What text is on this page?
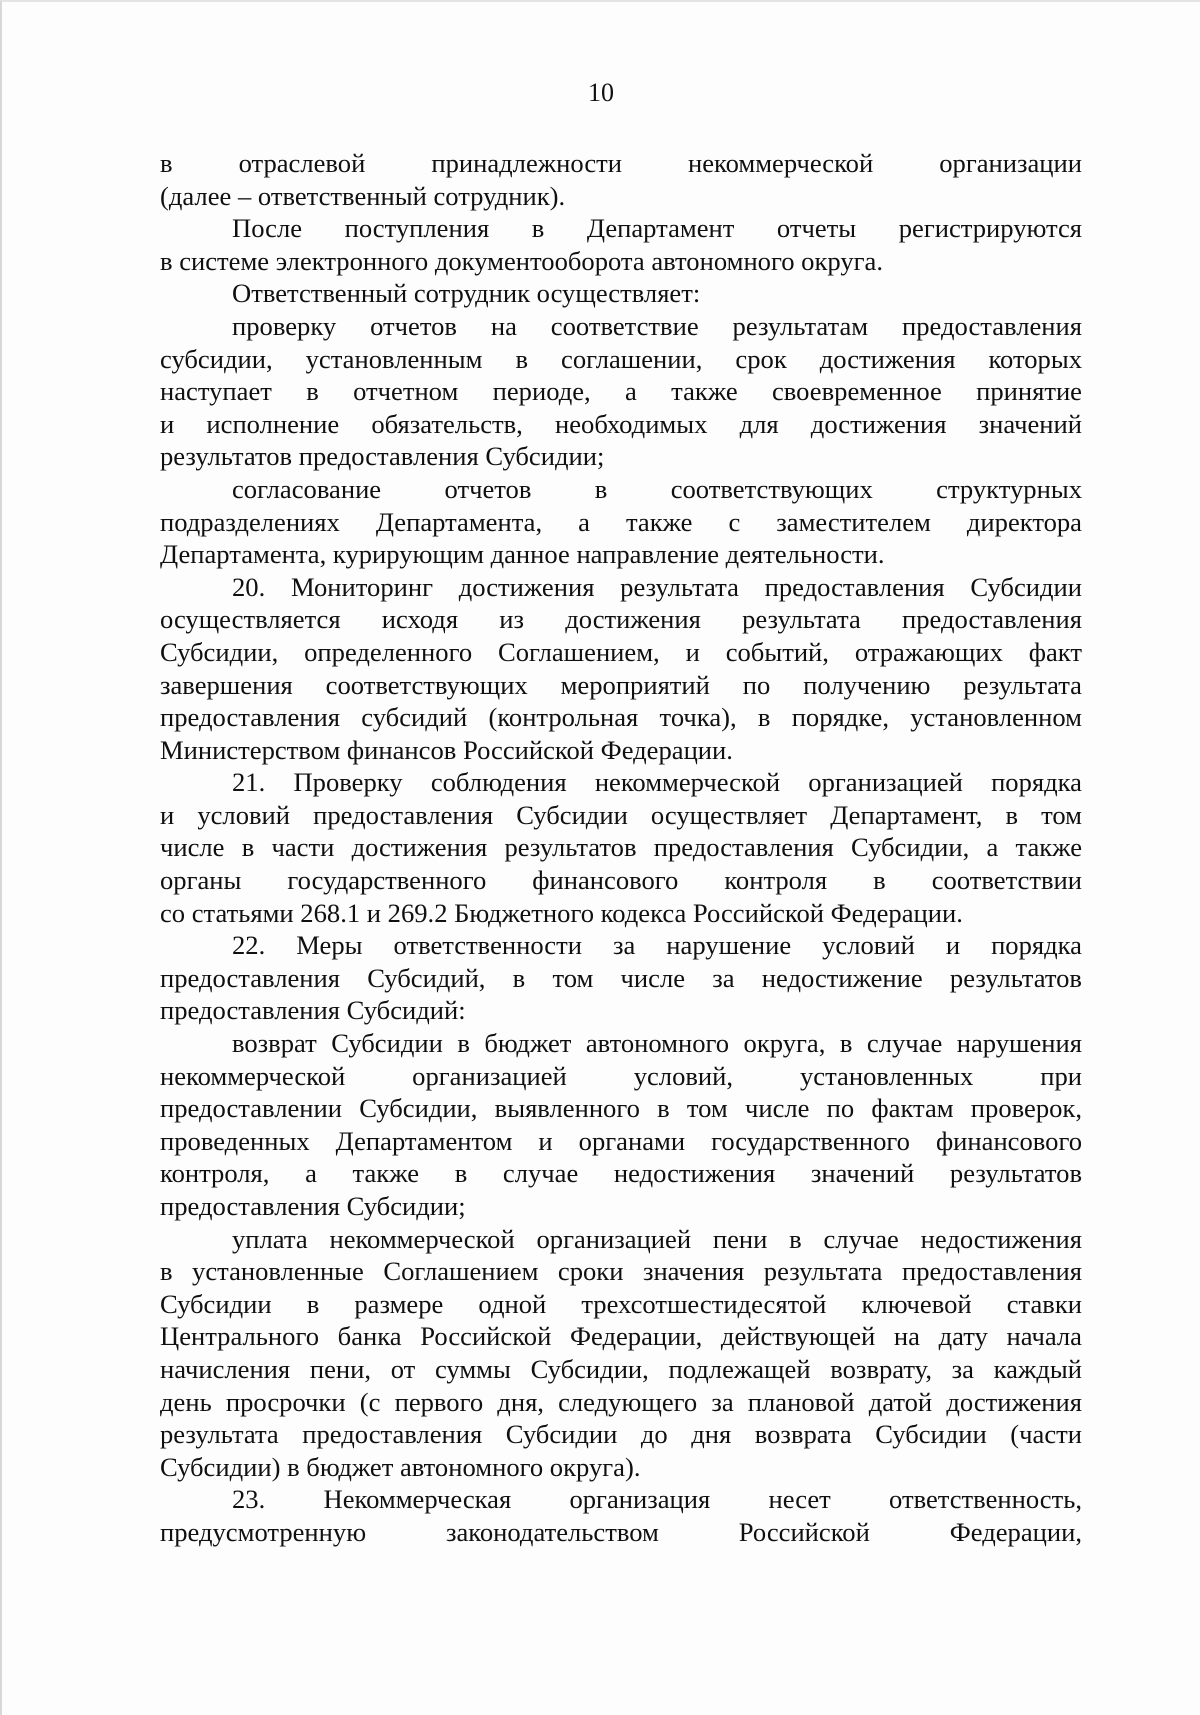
10
в отраслевой принадлежности некоммерческой организации
(далее – ответственный сотрудник).
После поступления в Департамент отчеты регистрируются
в системе электронного документооборота автономного округа.
Ответственный сотрудник осуществляет:
проверку отчетов на соответствие результатам предоставления
субсидии, установленным в соглашении, срок достижения которых
наступает в отчетном периоде, а также своевременное принятие
и исполнение обязательств, необходимых для достижения значений
результатов предоставления Субсидии;
согласование отчетов в соответствующих структурных
подразделениях Департамента, а также с заместителем директора
Департамента, курирующим данное направление деятельности.
20. Мониторинг достижения результата предоставления Субсидии
осуществляется исходя из достижения результата предоставления
Субсидии, определенного Соглашением, и событий, отражающих факт
завершения соответствующих мероприятий по получению результата
предоставления субсидий (контрольная точка), в порядке, установленном
Министерством финансов Российской Федерации.
21. Проверку соблюдения некоммерческой организацией порядка
и условий предоставления Субсидии осуществляет Департамент, в том
числе в части достижения результатов предоставления Субсидии, а также
органы государственного финансового контроля в соответствии
со статьями 268.1 и 269.2 Бюджетного кодекса Российской Федерации.
22. Меры ответственности за нарушение условий и порядка
предоставления Субсидий, в том числе за недостижение результатов
предоставления Субсидий:
возврат Субсидии в бюджет автономного округа, в случае нарушения
некоммерческой организацией условий, установленных при
предоставлении Субсидии, выявленного в том числе по фактам проверок,
проведенных Департаментом и органами государственного финансового
контроля, а также в случае недостижения значений результатов
предоставления Субсидии;
уплата некоммерческой организацией пени в случае недостижения
в установленные Соглашением сроки значения результата предоставления
Субсидии в размере одной трехсотшестидесятой ключевой ставки
Центрального банка Российской Федерации, действующей на дату начала
начисления пени, от суммы Субсидии, подлежащей возврату, за каждый
день просрочки (с первого дня, следующего за плановой датой достижения
результата предоставления Субсидии до дня возврата Субсидии (части
Субсидии) в бюджет автономного округа).
23. Некоммерческая организация несет ответственность,
предусмотренную законодательством Российской Федерации,
